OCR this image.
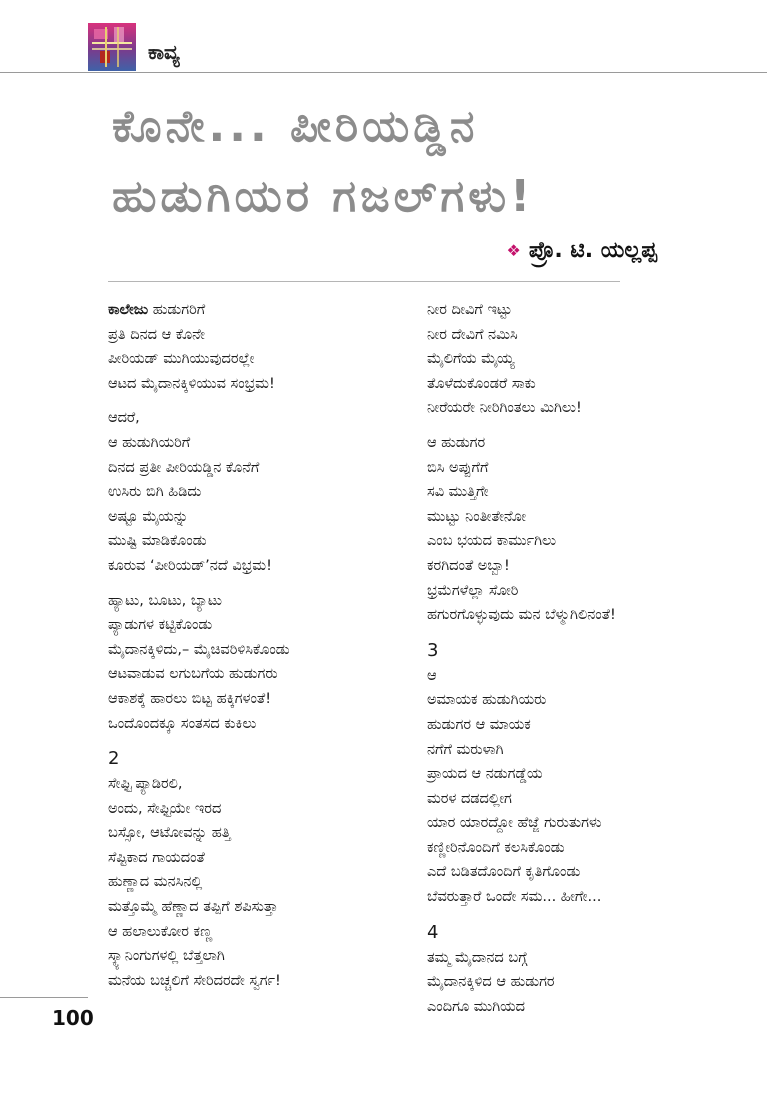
ಕಾವ್ಯ
ಕೊನೇ... ಪೀರಿಯಡ್ಡಿನ
ಹುಡುಗಿಯರ ಗಜಲ್‌ಗಳು!
❖ ಪ್ರೊ. ಟಿ. ಯಲ್ಲಪ್ಪ
ಕಾಲೇಜು ಹುಡುಗರಿಗೆ
ಪ್ರತಿ ದಿನದ ಆ ಕೊನೇ
ಪೀರಿಯಡ್ ಮುಗಿಯುವುದರಲ್ಲೇ
ಆಟದ ಮೈದಾನಕ್ಕಿಳಿಯುವ ಸಂಭ್ರಮ!
ಆದರೆ,
ಆ ಹುಡುಗಿಯರಿಗೆ
ದಿನದ ಪ್ರತೀ ಪೀರಿಯಡ್ಡಿನ ಕೊನೆಗೆ
ಉಸಿರು ಬಿಗಿ ಹಿಡಿದು
ಅಷ್ಟೂ ಮೈಯನ್ನು
ಮುಷ್ಟಿ ಮಾಡಿಕೊಂಡು
ಕೂರುವ ‘ಪೀರಿಯಡ್’ನದೆ ವಿಭ್ರಮ!
ಹ್ಯಾಟು, ಬೂಟು, ಬ್ಯಾಟು
ಪ್ಯಾಡುಗಳ ಕಟ್ಟಿಕೊಂಡು
ಮೈದಾನಕ್ಕಿಳಿದು,– ಮೈಚಿವರಿಳಿಸಿಕೊಂಡು
ಆಟವಾಡುವ ಲಗುಬಗೆಯ ಹುಡುಗರು
ಆಕಾಶಕ್ಕೆ ಹಾರಲು ಬಿಟ್ಟ ಹಕ್ಕಿಗಳಂತೆ!
ಒಂದೊಂದಕ್ಕೂ ಸಂತಸದ ಕುಕಿಲು
2
ಸೇಫ್ಟಿ ಪ್ಯಾಡಿರಲಿ,
ಅಂದು, ಸೇಫ್ಟಿಯೇ ಇರದ
ಬಸ್ಸೋ, ಆಟೋವನ್ನು ಹತ್ತಿ
ಸೆಪ್ಟಿಕಾದ ಗಾಯದಂತೆ
ಹುಣ್ಣಾದ ಮನಸಿನಲ್ಲಿ
ಮತ್ತೊಮ್ಮೆ ಹೆಣ್ಣಾದ ತಪ್ಪಿಗೆ ಶಪಿಸುತ್ತಾ
ಆ ಹಲಾಲುಕೋರ ಕಣ್ಣ
ಸ್ಕ್ಯಾನಿಂಗುಗಳಲ್ಲಿ ಬೆತ್ತಲಾಗಿ
ಮನೆಯ ಬಚ್ಚಲಿಗೆ ಸೇರಿದರದೇ ಸ್ವರ್ಗ!
ನೀರ ದೀವಿಗೆ ಇಟ್ಟು
ನೀರ ದೇವಿಗೆ ನಮಿಸಿ
ಮೈಲಿಗೆಯ ಮೈಯ್ಯ
ತೊಳೆದುಕೊಂಡರೆ ಸಾಕು
ನೀರೆಯರೇ ನೀರಿಗಿಂತಲು ಮಿಗಿಲು!
ಆ ಹುಡುಗರ
ಬಿಸಿ ಅಪ್ಪುಗೆಗೆ
ಸವಿ ಮುತ್ತಿಗೇ
ಮುಟ್ಟು ನಿಂತೀತೇನೋ
ಎಂಬ ಭಯದ ಕಾರ್ಮುಗಿಲು
ಕರಗಿದಂತೆ ಅಬ್ಬಾ!
ಭ್ರಮೆಗಳೆಲ್ಲಾ ಸೋರಿ
ಹಗುರಗೊಳ್ಳುವುದು ಮನ ಬೆಳ್ಮುಗಿಲಿನಂತೆ!
3
ಆ
ಅಮಾಯಕ ಹುಡುಗಿಯರು
ಹುಡುಗರ ಆ ಮಾಯಕ
ನಗೆಗೆ ಮರುಳಾಗಿ
ಪ್ರಾಯದ ಆ ನಡುಗಡ್ಡೆಯ
ಮರಳ ದಡದಲ್ಲೀಗ
ಯಾರ ಯಾರದ್ದೋ ಹೆಜ್ಜೆ ಗುರುತುಗಳು
ಕಣ್ಣೀರಿನೊಂದಿಗೆ ಕಲಸಿಕೊಂಡು
ಎದೆ ಬಡಿತದೊಂದಿಗೆ ಕೃತಿಗೊಂಡು
ಬೆವರುತ್ತಾರೆ ಒಂದೇ ಸಮ... ಹೀಗೇ...
4
ತಮ್ಮ ಮೈದಾನದ ಬಗ್ಗೆ
ಮೈದಾನಕ್ಕಿಳಿದ ಆ ಹುಡುಗರ
ಎಂದಿಗೂ ಮುಗಿಯದ
100
